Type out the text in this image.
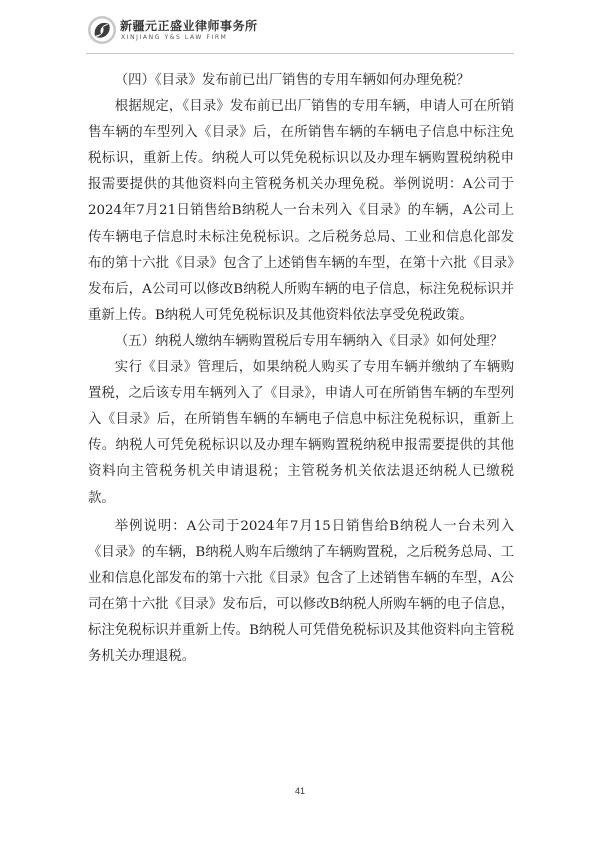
新疆元正盛业律师事务所
XINJIANG Y&S LAW FIRM

（四）《目录》发布前已出厂销售的专用车辆如何办理免税？

根据规定，《目录》发布前已出厂销售的专用车辆，申请人可在所销售车辆的车型列入《目录》后，在所销售车辆的车辆电子信息中标注免税标识，重新上传。纳税人可以凭免税标识以及办理车辆购置税纳税申报需要提供的其他资料向主管税务机关办理免税。举例说明：A公司于2024年7月21日销售给B纳税人一台未列入《目录》的车辆，A公司上传车辆电子信息时未标注免税标识。之后税务总局、工业和信息化部发布的第十六批《目录》包含了上述销售车辆的车型，在第十六批《目录》发布后，A公司可以修改B纳税人所购车辆的电子信息，标注免税标识并重新上传。B纳税人可凭免税标识及其他资料依法享受免税政策。

（五）纳税人缴纳车辆购置税后专用车辆纳入《目录》如何处理？

实行《目录》管理后，如果纳税人购买了专用车辆并缴纳了车辆购置税，之后该专用车辆列入了《目录》，申请人可在所销售车辆的车型列入《目录》后，在所销售车辆的车辆电子信息中标注免税标识，重新上传。纳税人可凭免税标识以及办理车辆购置税纳税申报需要提供的其他资料向主管税务机关申请退税；主管税务机关依法退还纳税人已缴税款。

举例说明：A公司于2024年7月15日销售给B纳税人一台未列入《目录》的车辆，B纳税人购车后缴纳了车辆购置税，之后税务总局、工业和信息化部发布的第十六批《目录》包含了上述销售车辆的车型，A公司在第十六批《目录》发布后，可以修改B纳税人所购车辆的电子信息，标注免税标识并重新上传。B纳税人可凭借免税标识及其他资料向主管税务机关办理退税。

41
